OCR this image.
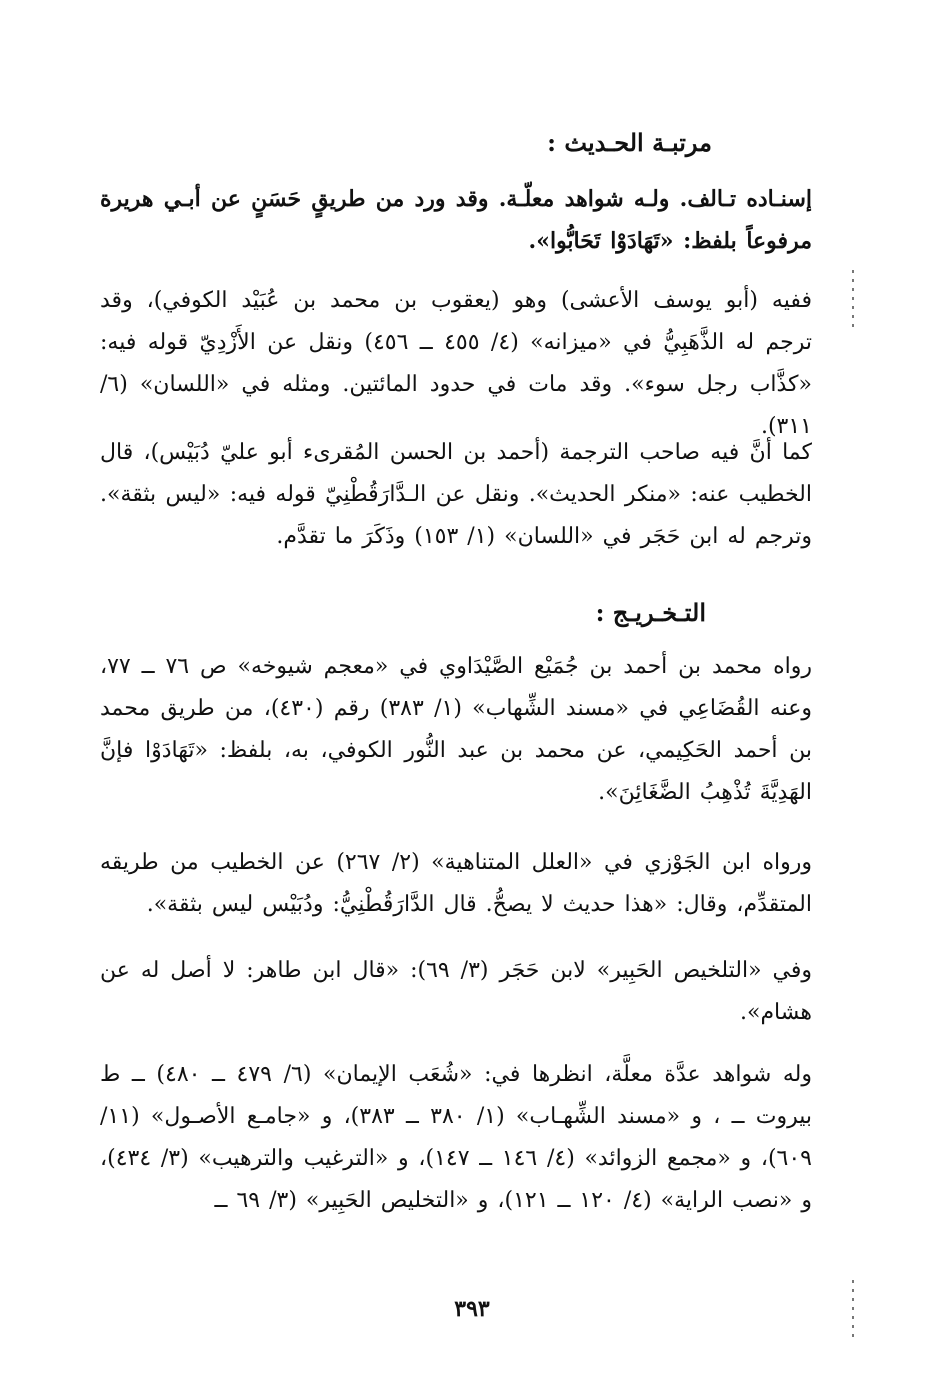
مرتبـة الحـديث :
إسنـاده تـالف. ولـه شواهد معلّـة. وقد ورد من طريقٍ حَسَنٍ عن أبـي هريرة مرفوعاً بلفظ: «تَهَادَوْا تَحَابُّوا».
ففيه (أبو يوسف الأعشى) وهو (يعقوب بن محمد بن عُبَيْد الكوفي)، وقد ترجم له الذَّهَبِيُّ في «ميزانه» (٤/ ٤٥٥ ــ ٤٥٦) ونقل عن الأَزْدِيّ قوله فيه: «كذَّاب رجل سوء». وقد مات في حدود المائتين. ومثله في «اللسان» (٦/ ٣١١).
كما أنَّ فيه صاحب الترجمة (أحمد بن الحسن المُقرىء أبو عليّ دُبَيْس)، قال الخطيب عنه: «منكر الحديث». ونقل عن الـدَّارَقُطْنِيّ قوله فيه: «ليس بثقة». وترجم له ابن حَجَر في «اللسان» (١/ ١٥٣) وذَكَرَ ما تقدَّم.
التـخـريـج :
رواه محمد بن أحمد بن جُمَيْع الصَّيْدَاوي في «معجم شيوخه» ص ٧٦ ــ ٧٧، وعنه القُضَاعِي في «مسند الشِّهاب» (١/ ٣٨٣) رقم (٤٣٠)، من طريق محمد بن أحمد الحَكِيمي، عن محمد بن عبد النُّور الكوفي، به، بلفظ: «تَهَادَوْا فإنَّ الهَدِيَّةَ تُذْهِبُ الضَّغَائِنَ».
ورواه ابن الجَوْزي في «العلل المتناهية» (٢/ ٢٦٧) عن الخطيب من طريقه المتقدِّم، وقال: «هذا حديث لا يصحُّ. قال الدَّارَقُطْنِيُّ: ودُبَيْس ليس بثقة».
وفي «التلخيص الحَبِير» لابن حَجَر (٣/ ٦٩): «قال ابن طاهر: لا أصل له عن هشام».
وله شواهد عدَّة معلَّة، انظرها في: «شُعَب الإيمان» (٦/ ٤٧٩ ــ ٤٨٠) ــ ط بيروت ــ ، و «مسند الشِّهـاب» (١/ ٣٨٠ ــ ٣٨٣)، و «جامـع الأصـول» (١١/ ٦٠٩)، و «مجمع الزوائد» (٤/ ١٤٦ ــ ١٤٧)، و «الترغيب والترهيب» (٣/ ٤٣٤)، و «نصب الراية» (٤/ ١٢٠ ــ ١٢١)، و «التخليص الحَبِير» (٣/ ٦٩ ــ
٣٩٣
